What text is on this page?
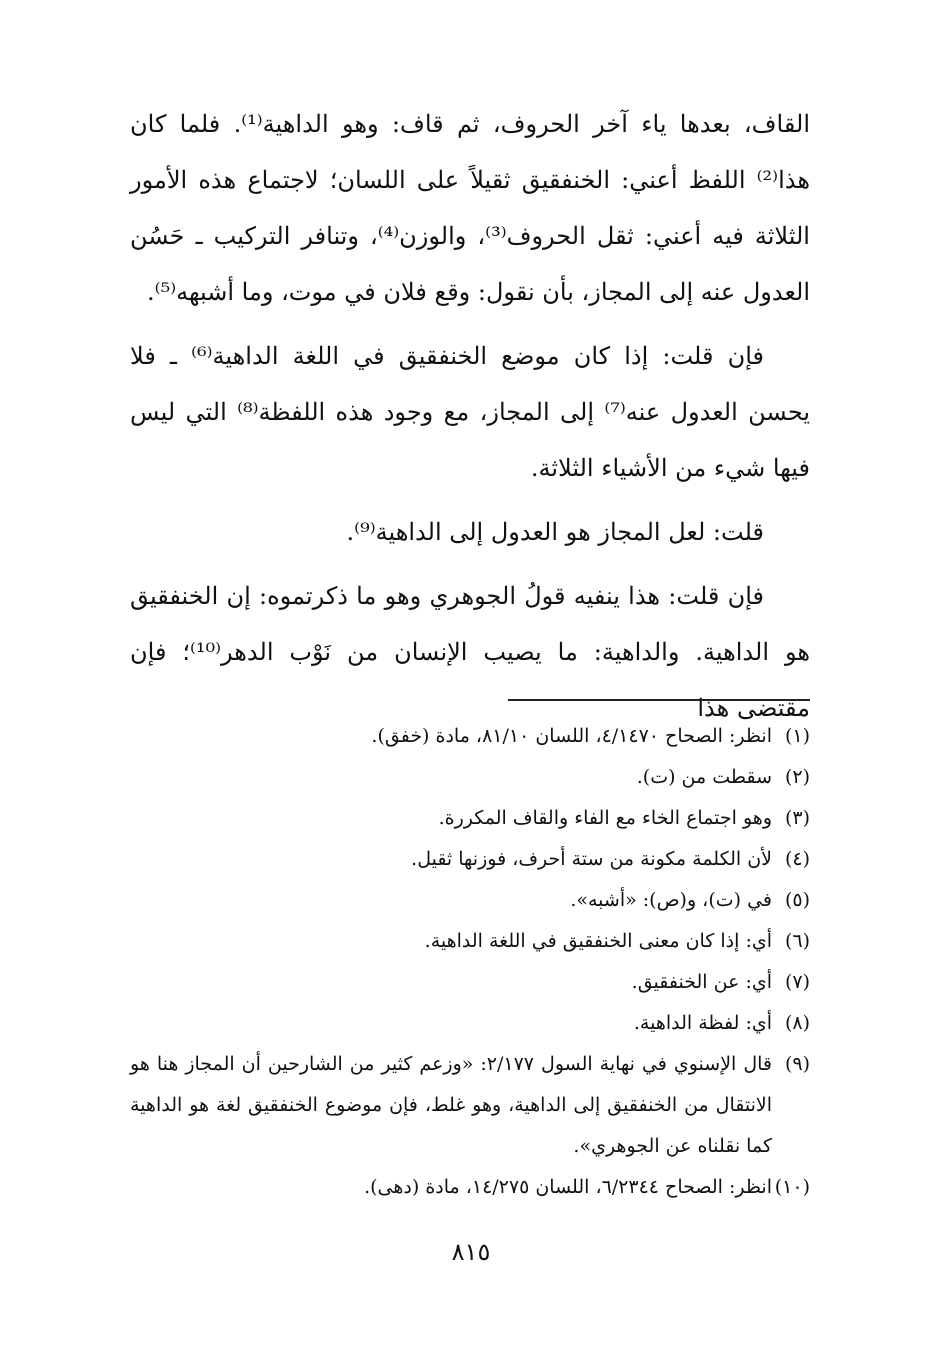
القاف، بعدها ياء آخر الحروف، ثم قاف: وهو الداهية⁽¹⁾. فلما كان هذا⁽²⁾ اللفظ أعني: الخنفقيق ثقيلاً على اللسان؛ لاجتماع هذه الأمور الثلاثة فيه أعني: ثقل الحروف⁽³⁾، والوزن⁽⁴⁾، وتنافر التركيب ـ حَسُن العدول عنه إلى المجاز، بأن نقول: وقع فلان في موت، وما أشبهه⁽⁵⁾.

فإن قلت: إذا كان موضع الخنفقيق في اللغة الداهية⁽⁶⁾ ـ فلا يحسن العدول عنه⁽⁷⁾ إلى المجاز، مع وجود هذه اللفظة⁽⁸⁾ التي ليس فيها شيء من الأشياء الثلاثة.

قلت: لعل المجاز هو العدول إلى الداهية⁽⁹⁾.

فإن قلت: هذا ينفيه قولُ الجوهري وهو ما ذكرتموه: إن الخنفقيق هو الداهية. والداهية: ما يصيب الإنسان من نَوْب الدهر⁽¹⁰⁾؛ فإن مقتضى هذا

(١)
انظر: الصحاح ٤/١٤٧٠، اللسان ٨١/١٠، مادة (خفق).
(٢)
سقطت من (ت).
(٣)
وهو اجتماع الخاء مع الفاء والقاف المكررة.
(٤)
لأن الكلمة مكونة من ستة أحرف، فوزنها ثقيل.
(٥)
في (ت)، و(ص): «أشبه».
(٦)
أي: إذا كان معنى الخنفقيق في اللغة الداهية.
(٧)
أي: عن الخنفقيق.
(٨)
أي: لفظة الداهية.
(٩)
قال الإسنوي في نهاية السول ٢/١٧٧: «وزعم كثير من الشارحين أن المجاز هنا هو الانتقال من الخنفقيق إلى الداهية، وهو غلط، فإن موضوع الخنفقيق لغة هو الداهية كما نقلناه عن الجوهري».
(١٠)
انظر: الصحاح ٦/٢٣٤٤، اللسان ١٤/٢٧٥، مادة (دهى).
٨١٥
